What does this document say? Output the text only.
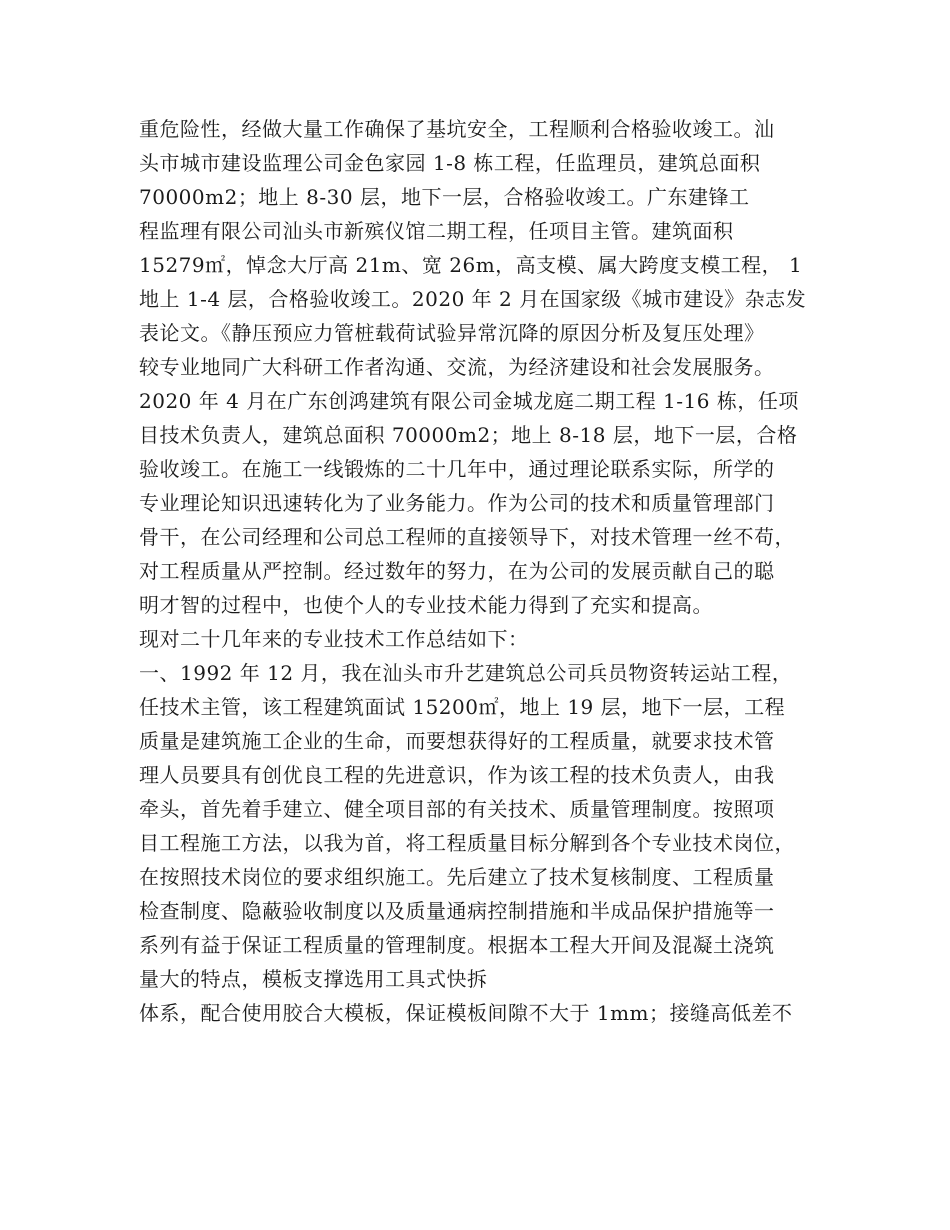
重危险性，经做大量工作确保了基坑安全，工程顺利合格验收竣工。汕
头市城市建设监理公司金色家园 1-8 栋工程，任监理员，建筑总面积
70000m2；地上 8-30 层，地下一层，合格验收竣工。广东建锋工
程监理有限公司汕头市新殡仪馆二期工程，任项目主管。建筑面积
15279㎡，悼念大厅高 21m、宽 26m，高支模、属大跨度支模工程， 1
地上 1-4 层，合格验收竣工。2020 年 2 月在国家级《城市建设》杂志发
表论文。《静压预应力管桩载荷试验异常沉降的原因分析及复压处理》
较专业地同广大科研工作者沟通、交流，为经济建设和社会发展服务。
2020 年 4 月在广东创鸿建筑有限公司金城龙庭二期工程 1-16 栋，任项
目技术负责人，建筑总面积 70000m2；地上 8-18 层，地下一层，合格
验收竣工。在施工一线锻炼的二十几年中，通过理论联系实际，所学的
专业理论知识迅速转化为了业务能力。作为公司的技术和质量管理部门
骨干，在公司经理和公司总工程师的直接领导下，对技术管理一丝不苟，
对工程质量从严控制。经过数年的努力，在为公司的发展贡献自己的聪
明才智的过程中，也使个人的专业技术能力得到了充实和提高。
现对二十几年来的专业技术工作总结如下：
一、1992 年 12 月，我在汕头市升艺建筑总公司兵员物资转运站工程，
任技术主管，该工程建筑面试 15200㎡，地上 19 层，地下一层，工程
质量是建筑施工企业的生命，而要想获得好的工程质量，就要求技术管
理人员要具有创优良工程的先进意识，作为该工程的技术负责人，由我
牵头，首先着手建立、健全项目部的有关技术、质量管理制度。按照项
目工程施工方法，以我为首，将工程质量目标分解到各个专业技术岗位，
在按照技术岗位的要求组织施工。先后建立了技术复核制度、工程质量
检查制度、隐蔽验收制度以及质量通病控制措施和半成品保护措施等一
系列有益于保证工程质量的管理制度。根据本工程大开间及混凝土浇筑
量大的特点，模板支撑选用工具式快拆
体系，配合使用胶合大模板，保证模板间隙不大于 1mm；接缝高低差不
